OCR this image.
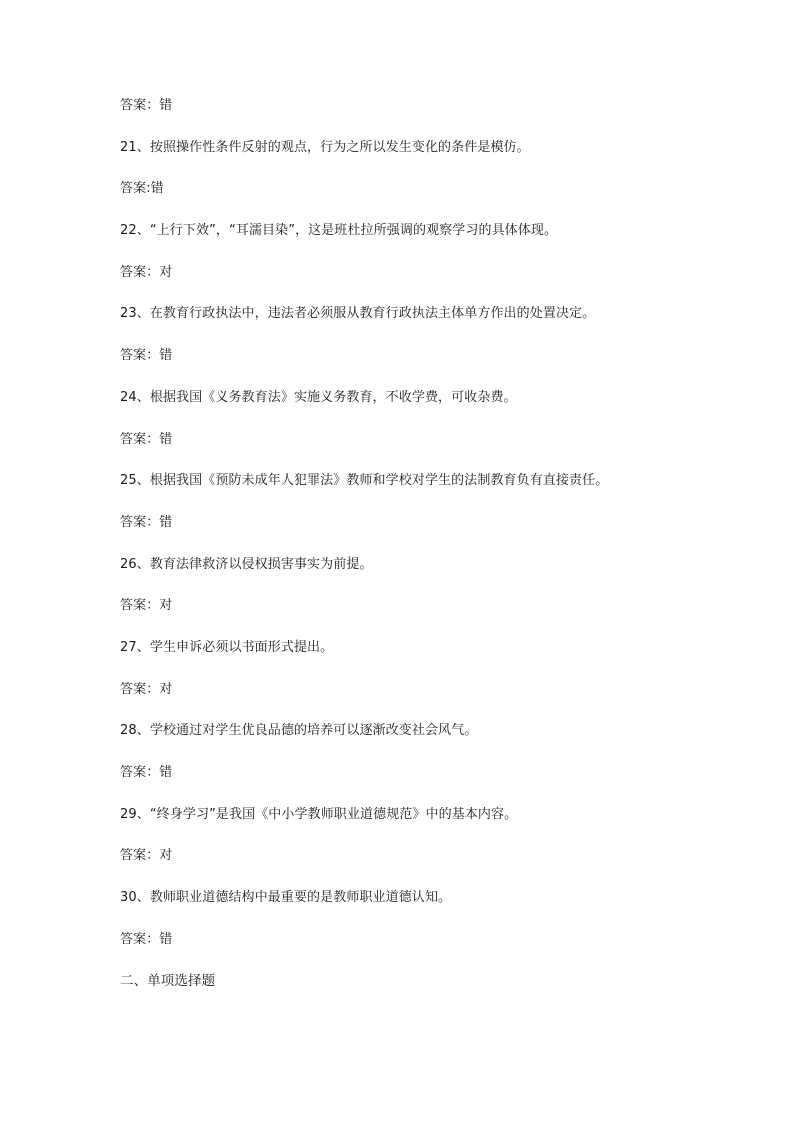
答案：错
21、按照操作性条件反射的观点，行为之所以发生变化的条件是模仿。
答案:错
22、“上行下效”，“耳濡目染”，这是班杜拉所强调的观察学习的具体体现。
答案：对
23、在教育行政执法中，违法者必须服从教育行政执法主体单方作出的处置决定。
答案：错
24、根据我国《义务教育法》实施义务教育，不收学费，可收杂费。
答案：错
25、根据我国《预防未成年人犯罪法》教师和学校对学生的法制教育负有直接责任。
答案：错
26、教育法律救济以侵权损害事实为前提。
答案：对
27、学生申诉必须以书面形式提出。
答案：对
28、学校通过对学生优良品德的培养可以逐渐改变社会风气。
答案：错
29、“终身学习”是我国《中小学教师职业道德规范》中的基本内容。
答案：对
30、教师职业道德结构中最重要的是教师职业道德认知。
答案：错
二、单项选择题
